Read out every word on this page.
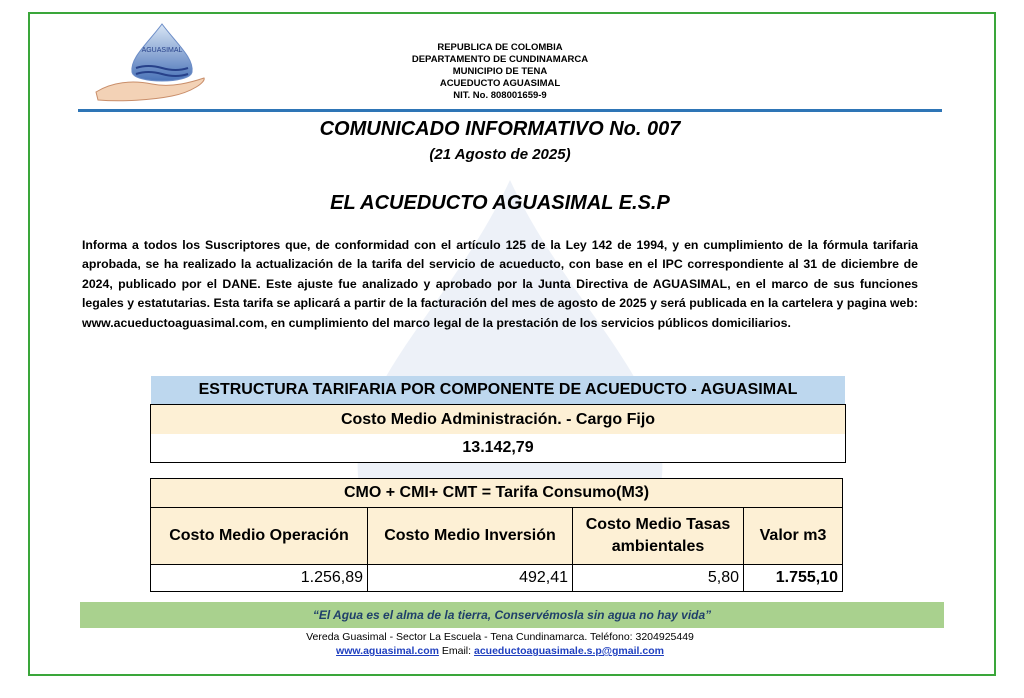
AGUASIMAL	REPUBLICA DE COLOMBIA
DEPARTAMENTO DE CUNDINAMARCA
MUNICIPIO DE TENA
ACUEDUCTO AGUASIMAL
NIT. No. 808001659-9
COMUNICADO INFORMATIVO No. 007
(21 Agosto de 2025)
EL ACUEDUCTO AGUASIMAL E.S.P
Informa a todos los Suscriptores que, de conformidad con el artículo 125 de la Ley 142 de 1994, y en cumplimiento de la fórmula tarifaria aprobada, se ha realizado la actualización de la tarifa del servicio de acueducto, con base en el IPC correspondiente al 31 de diciembre de 2024, publicado por el DANE. Este ajuste fue analizado y aprobado por la Junta Directiva de AGUASIMAL, en el marco de sus funciones legales y estatutarias. Esta tarifa se aplicará a partir de la facturación del mes de agosto de 2025 y será publicada en la cartelera y pagina web: www.acueductoaguasimal.com, en cumplimiento del marco legal de la prestación de los servicios públicos domiciliarios.
ESTRUCTURA TARIFARIA POR COMPONENTE DE ACUEDUCTO - AGUASIMAL
Costo Medio Administración. - Cargo Fijo
13.142,79
CMO + CMI+ CMT = Tarifa Consumo(M3)			
Costo Medio Operación	Costo Medio Inversión	Costo Medio Tasas ambientales	Valor m3
1.256,89	492,41	5,80	1.755,10
“El Agua es el alma de la tierra, Conservémosla sin agua no hay vida”
Vereda Guasimal - Sector La Escuela - Tena Cundinamarca. Teléfono: 3204925449
www.aguasimal.com Email: acueductoaguasimale.s.p@gmail.com
